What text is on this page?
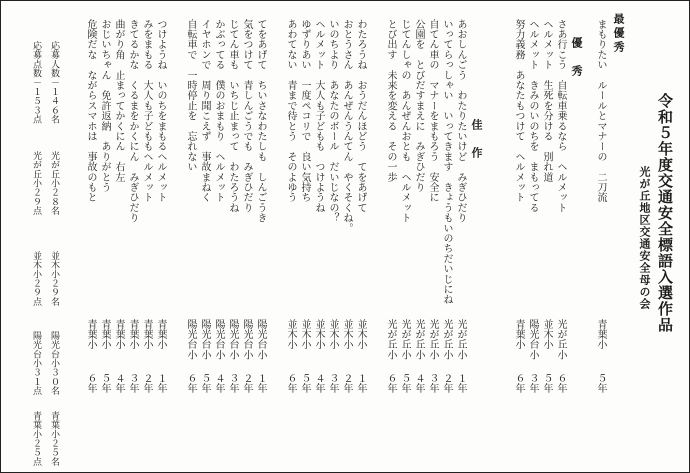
令和５年度交通安全標語入選作品
光が丘地区交通安全母の会
最優秀
まもりたい　ルールとマナーの　二刀流
青葉小
５年
優　秀
さあ行こう　自転車乗るなら　ヘルメット
光が丘小
６年
ヘルメット　生死を分ける　別れ道
並木小
５年
ヘルメット　きみのいのちを　まもってる
陽光台小
３年
努力義務　あなたもつけて　ヘルメット
青葉小
６年
佳　作
あおしんごう　わたりたいけど　みぎひだり
光が丘小
１年
いってらっしゃい　いってきます　きょうもいのちだいじにね
光が丘小
２年
自てん車の　マナーをまもろう　安全に
光が丘小
３年
公園を　とびだすまえに　みぎひだり
光が丘小
４年
じてんしゃの　あんぜんおとも　ヘルメット
光が丘小
５年
とび出す　未来を変える　その一歩
光が丘小
６年
わたろうね　おうだんほどう　てをあげて
並木小
１年
おとうさん　あんぜんうんてん　やくそくね。
並木小
２年
いのちより　あなたのボール　だいじなの？
並木小
３年
ヘルメット　大人も子どもも　つけようね
並木小
４年
ゆずりあい　一度ペコリで　良い気持ち
並木小
５年
あわてない　青まで待とう　そのよゆう
並木小
６年
てをあげて　ちいさなわたしも　しんごうき
陽光台小
１年
気をつけて　青しんごうでも　みぎひだり
陽光台小
２年
じてん車も　いちじ止まって　わたろうね
陽光台小
３年
かぶってる　僕のおまもり　ヘルメット
陽光台小
４年
イヤホンで　周り聞こえず　事故まねく
陽光台小
５年
自転車で　一時停止を　忘れない
陽光台小
６年
つけようね　いのちをまもるヘルメット
青葉小
１年
みをまもる　大人も子どももヘルメット
青葉小
２年
きてるかな　くるまをかくにん　みぎひだり
青葉小
３年
曲がり角　止まってかくにん　右左
青葉小
４年
おじいちゃん　免許返納　ありがとう
青葉小
５年
危険だな　ながらスマホは　事故のもと
青葉小
６年
応募人数－１４６名
光が丘小２８名
並木小２９名
陽光台小３０名
青葉小２５名
応募点数－１５３点
光が丘小２９点
並木小２９点
陽光台小３１点
青葉小２５点
